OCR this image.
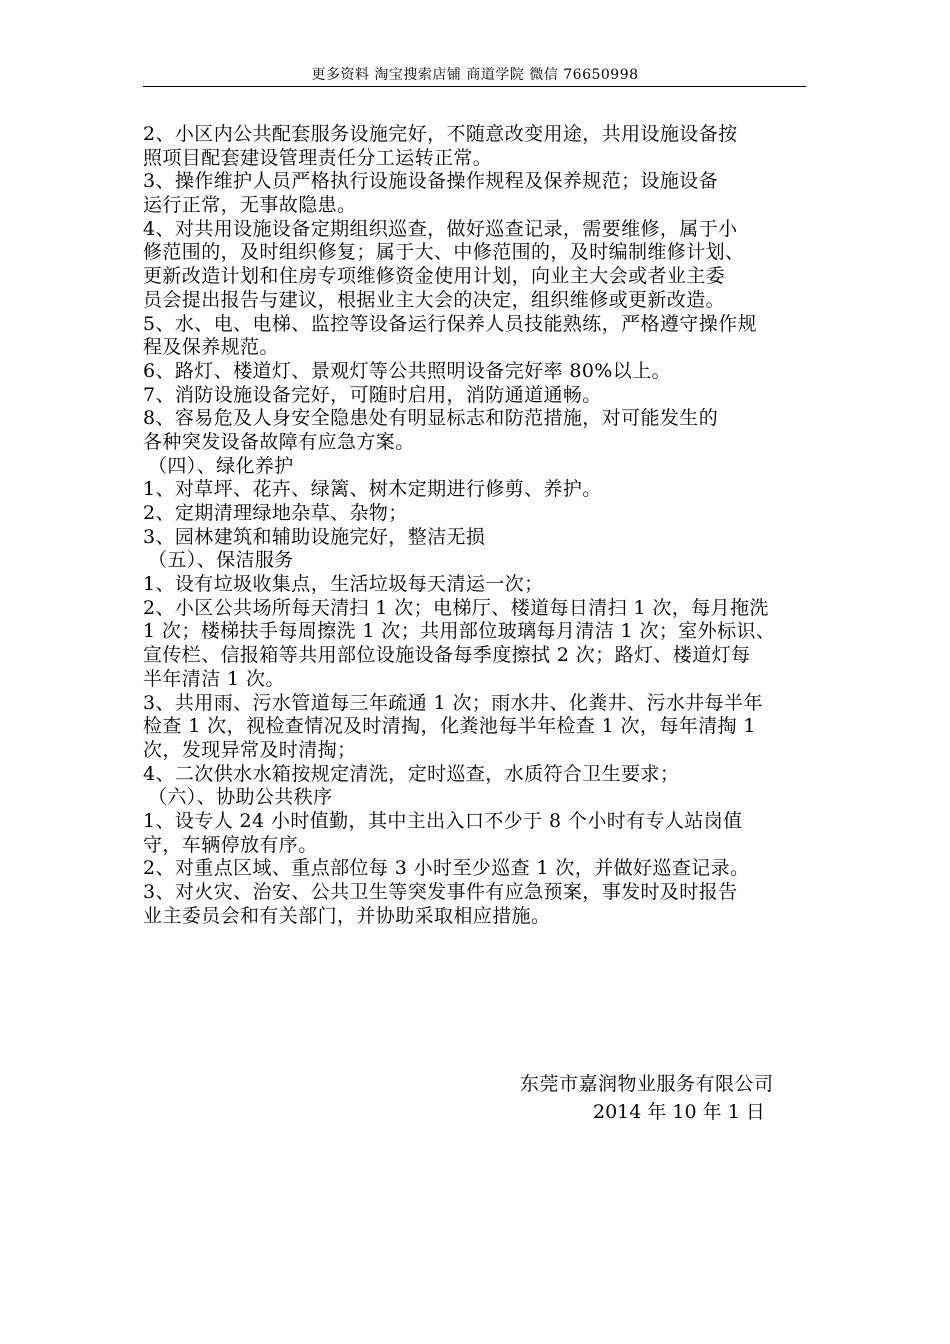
更多资料 淘宝搜索店铺 商道学院 微信 76650998
2、小区内公共配套服务设施完好，不随意改变用途，共用设施设备按
照项目配套建设管理责任分工运转正常。
3、操作维护人员严格执行设施设备操作规程及保养规范；设施设备
运行正常，无事故隐患。
4、对共用设施设备定期组织巡查，做好巡查记录，需要维修，属于小
修范围的，及时组织修复；属于大、中修范围的，及时编制维修计划、
更新改造计划和住房专项维修资金使用计划，向业主大会或者业主委
员会提出报告与建议，根据业主大会的决定，组织维修或更新改造。
5、水、电、电梯、监控等设备运行保养人员技能熟练，严格遵守操作规
程及保养规范。
6、路灯、楼道灯、景观灯等公共照明设备完好率 80%以上。
7、消防设施设备完好，可随时启用，消防通道通畅。
8、容易危及人身安全隐患处有明显标志和防范措施，对可能发生的
各种突发设备故障有应急方案。
（四）、绿化养护
1、对草坪、花卉、绿篱、树木定期进行修剪、养护。
2、定期清理绿地杂草、杂物；
3、园林建筑和辅助设施完好，整洁无损
（五）、保洁服务
1、设有垃圾收集点，生活垃圾每天清运一次；
2、小区公共场所每天清扫 1 次；电梯厅、楼道每日清扫 1 次，每月拖洗
1 次；楼梯扶手每周擦洗 1 次；共用部位玻璃每月清洁 1 次；室外标识、
宣传栏、信报箱等共用部位设施设备每季度擦拭 2 次；路灯、楼道灯每
半年清洁 1 次。
3、共用雨、污水管道每三年疏通 1 次；雨水井、化粪井、污水井每半年
检查 1 次，视检查情况及时清掏，化粪池每半年检查 1 次，每年清掏 1
次，发现异常及时清掏；
4、二次供水水箱按规定清洗，定时巡查，水质符合卫生要求；
（六）、协助公共秩序
1、设专人 24 小时值勤，其中主出入口不少于 8 个小时有专人站岗值
守，车辆停放有序。
2、对重点区域、重点部位每 3 小时至少巡查 1 次，并做好巡查记录。
3、对火灾、治安、公共卫生等突发事件有应急预案，事发时及时报告
业主委员会和有关部门，并协助采取相应措施。
东莞市嘉润物业服务有限公司
2014 年 10 年 1 日
